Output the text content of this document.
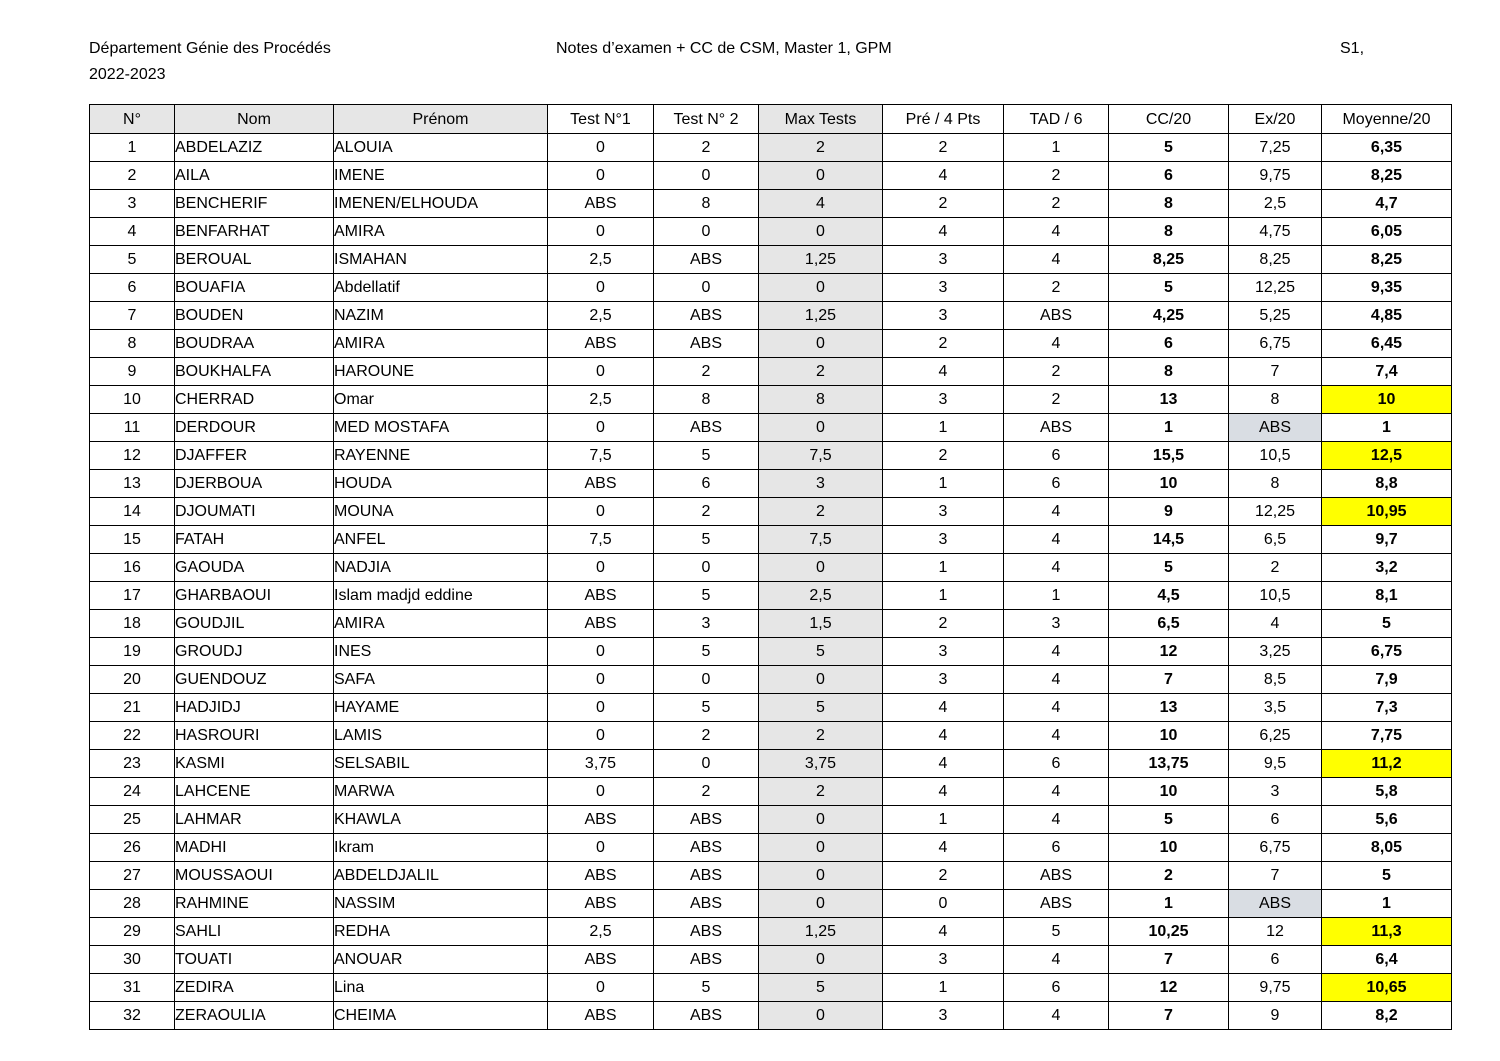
Département Génie des Procédés
2022-2023
Notes d’examen + CC de CSM, Master 1, GPM	S1,
N°	Nom	Prénom	Test N°1	Test N° 2	Max Tests	Pré / 4 Pts	TAD / 6	CC/20	Ex/20	Moyenne/20
1	ABDELAZIZ	ALOUIA	0	2	2	2	1	5	7,25	6,35
2	AILA	IMENE	0	0	0	4	2	6	9,75	8,25
3	BENCHERIF	IMENEN/ELHOUDA	ABS	8	4	2	2	8	2,5	4,7
4	BENFARHAT	AMIRA	0	0	0	4	4	8	4,75	6,05
5	BEROUAL	ISMAHAN	2,5	ABS	1,25	3	4	8,25	8,25	8,25
6	BOUAFIA	Abdellatif	0	0	0	3	2	5	12,25	9,35
7	BOUDEN	NAZIM	2,5	ABS	1,25	3	ABS	4,25	5,25	4,85
8	BOUDRAA	AMIRA	ABS	ABS	0	2	4	6	6,75	6,45
9	BOUKHALFA	HAROUNE	0	2	2	4	2	8	7	7,4
10	CHERRAD	Omar	2,5	8	8	3	2	13	8	10
11	DERDOUR	MED MOSTAFA	0	ABS	0	1	ABS	1	ABS	1
12	DJAFFER	RAYENNE	7,5	5	7,5	2	6	15,5	10,5	12,5
13	DJERBOUA	HOUDA	ABS	6	3	1	6	10	8	8,8
14	DJOUMATI	MOUNA	0	2	2	3	4	9	12,25	10,95
15	FATAH	ANFEL	7,5	5	7,5	3	4	14,5	6,5	9,7
16	GAOUDA	NADJIA	0	0	0	1	4	5	2	3,2
17	GHARBAOUI	Islam madjd eddine	ABS	5	2,5	1	1	4,5	10,5	8,1
18	GOUDJIL	AMIRA	ABS	3	1,5	2	3	6,5	4	5
19	GROUDJ	INES	0	5	5	3	4	12	3,25	6,75
20	GUENDOUZ	SAFA	0	0	0	3	4	7	8,5	7,9
21	HADJIDJ	HAYAME	0	5	5	4	4	13	3,5	7,3
22	HASROURI	LAMIS	0	2	2	4	4	10	6,25	7,75
23	KASMI	SELSABIL	3,75	0	3,75	4	6	13,75	9,5	11,2
24	LAHCENE	MARWA	0	2	2	4	4	10	3	5,8
25	LAHMAR	KHAWLA	ABS	ABS	0	1	4	5	6	5,6
26	MADHI	Ikram	0	ABS	0	4	6	10	6,75	8,05
27	MOUSSAOUI	ABDELDJALIL	ABS	ABS	0	2	ABS	2	7	5
28	RAHMINE	NASSIM	ABS	ABS	0	0	ABS	1	ABS	1
29	SAHLI	REDHA	2,5	ABS	1,25	4	5	10,25	12	11,3
30	TOUATI	ANOUAR	ABS	ABS	0	3	4	7	6	6,4
31	ZEDIRA	Lina	0	5	5	1	6	12	9,75	10,65
32	ZERAOULIA	CHEIMA	ABS	ABS	0	3	4	7	9	8,2
